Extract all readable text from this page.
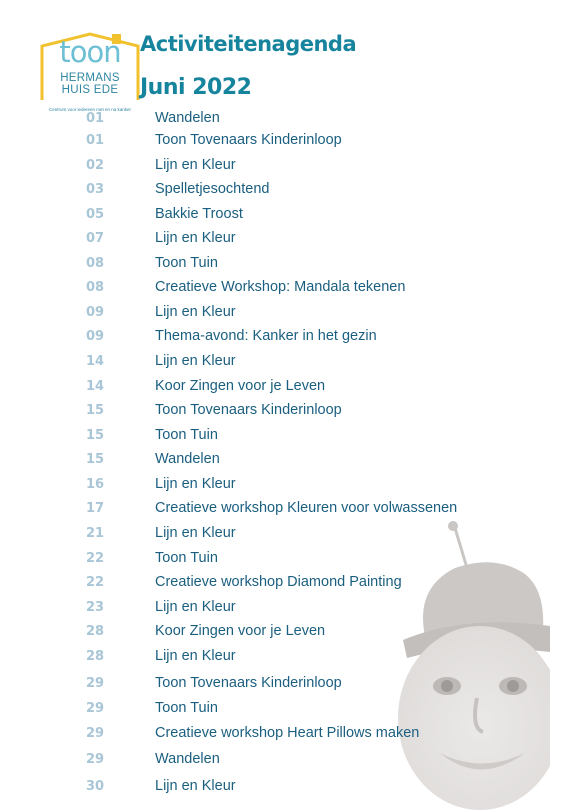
toon
HERMANS
HUIS EDE
Centrum voor iedereen met en na kanker
Activiteitenagenda
Juni 2022
01	Wandelen
01	Toon Tovenaars Kinderinloop
02	Lijn en Kleur
03	Spelletjesochtend
05	Bakkie Troost
07	Lijn en Kleur
08	Toon Tuin
08	Creatieve Workshop: Mandala tekenen
09	Lijn en Kleur
09	Thema-avond: Kanker in het gezin
14	Lijn en Kleur
14	Koor Zingen voor je Leven
15	Toon Tovenaars Kinderinloop
15	Toon Tuin
15	Wandelen
16	Lijn en Kleur
17	Creatieve workshop Kleuren voor volwassenen
21	Lijn en Kleur
22	Toon Tuin
22	Creatieve workshop Diamond Painting
23	Lijn en Kleur
28	Koor Zingen voor je Leven
28	Lijn en Kleur
29	Toon Tovenaars Kinderinloop
29	Toon Tuin
29	Creatieve workshop Heart Pillows maken
29	Wandelen
30	Lijn en Kleur
